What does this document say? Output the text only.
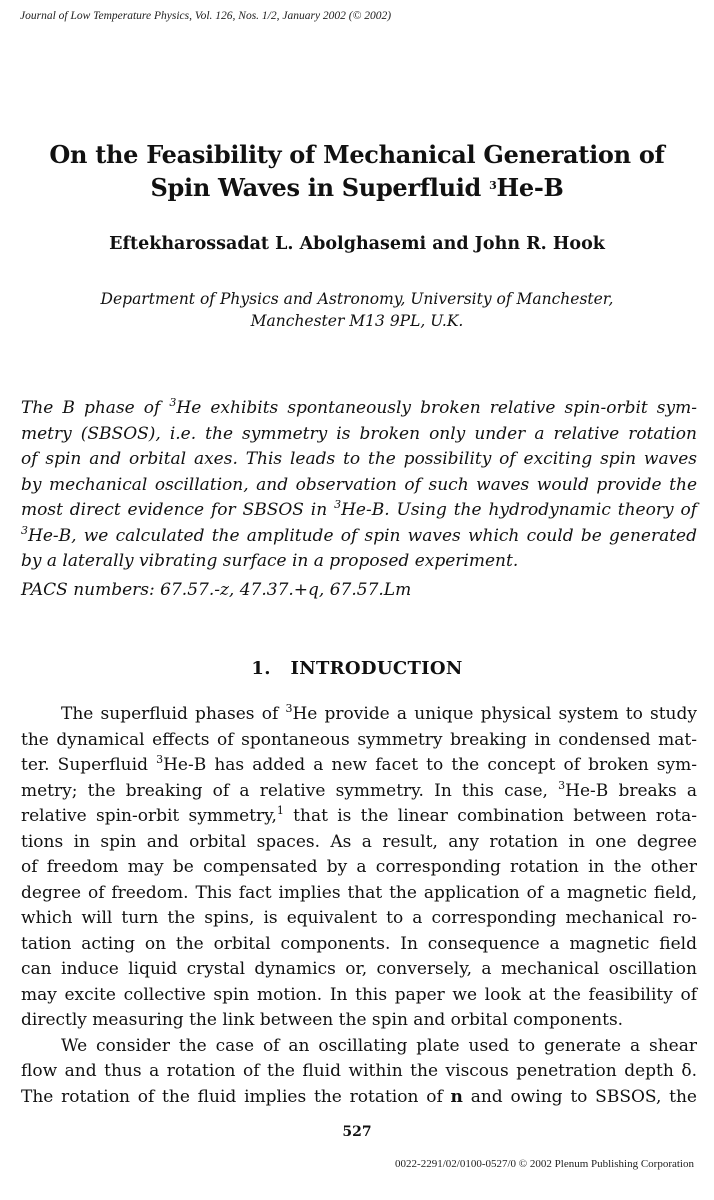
Journal of Low Temperature Physics, Vol. 126, Nos. 1/2, January 2002 (© 2002)
On the Feasibility of Mechanical Generation of
Spin Waves in Superfluid $^3$He-B
Eftekharossadat L. Abolghasemi and John R. Hook
Department of Physics and Astronomy, University of Manchester,
Manchester M13 9PL, U.K.
The B phase of $^3$He exhibits spontaneously broken relative spin-orbit sym-
metry (SBSOS), i.e. the symmetry is broken only under a relative rotation
of spin and orbital axes. This leads to the possibility of exciting spin waves
by mechanical oscillation, and observation of such waves would provide the
most direct evidence for SBSOS in $^3$He-B. Using the hydrodynamic theory of
$^3$He-B, we calculated the amplitude of spin waves which could be generated
by a laterally vibrating surface in a proposed experiment.
PACS numbers: 67.57.-z, 47.37.+q, 67.57.Lm
1. INTRODUCTION
The superfluid phases of $^3$He provide a unique physical system to study
the dynamical effects of spontaneous symmetry breaking in condensed mat-
ter. Superfluid $^3$He-B has added a new facet to the concept of broken sym-
metry; the breaking of a relative symmetry. In this case, $^3$He-B breaks a
relative spin-orbit symmetry,$^1$ that is the linear combination between rota-
tions in spin and orbital spaces. As a result, any rotation in one degree
of freedom may be compensated by a corresponding rotation in the other
degree of freedom. This fact implies that the application of a magnetic field,
which will turn the spins, is equivalent to a corresponding mechanical ro-
tation acting on the orbital components. In consequence a magnetic field
can induce liquid crystal dynamics or, conversely, a mechanical oscillation
may excite collective spin motion. In this paper we look at the feasibility of
directly measuring the link between the spin and orbital components.
We consider the case of an oscillating plate used to generate a shear
flow and thus a rotation of the fluid within the viscous penetration depth δ.
The rotation of the fluid implies the rotation of n and owing to SBSOS, the
527
0022-2291/02/0100-0527/0 © 2002 Plenum Publishing Corporation
